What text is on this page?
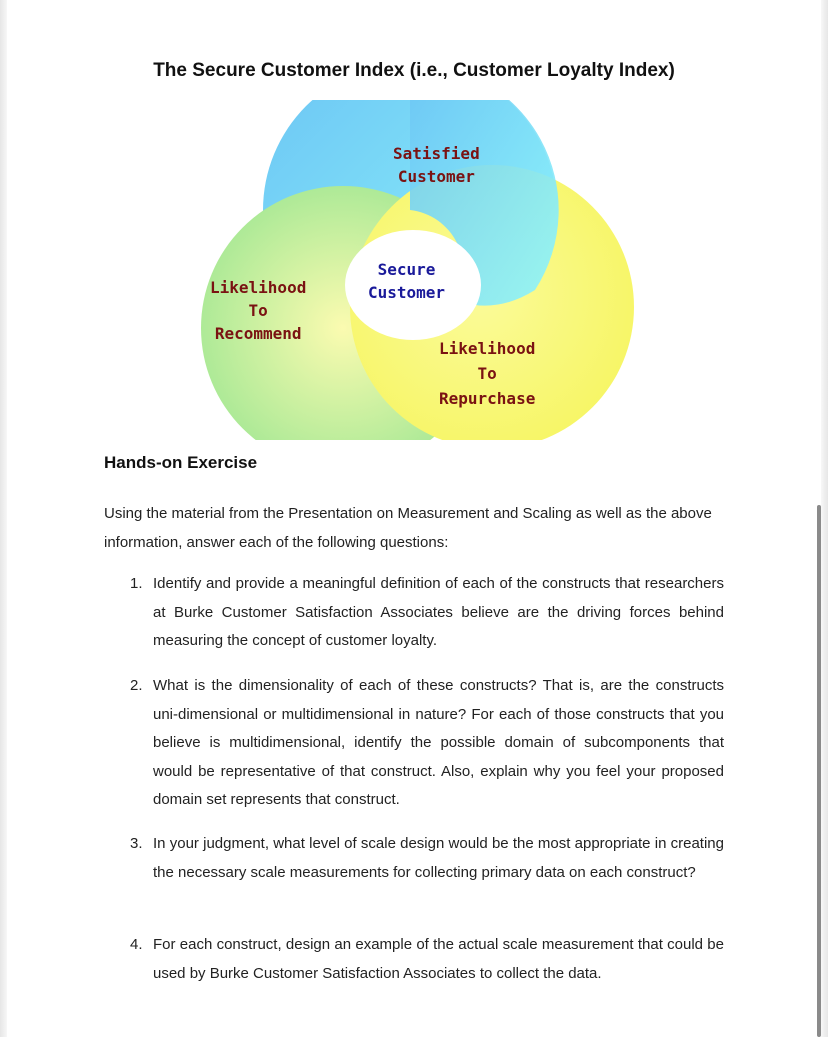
The Secure Customer Index (i.e., Customer Loyalty Index)
Satisfied
Customer
Likelihood
To
Recommend
Secure
Customer
Likelihood
To
Repurchase
Hands-on Exercise
Using the material from the Presentation on Measurement and Scaling as well as the above information, answer each of the following questions:
1. Identify and provide a meaningful definition of each of the constructs that researchers at Burke Customer Satisfaction Associates believe are the driving forces behind measuring the concept of customer loyalty.
2. What is the dimensionality of each of these constructs? That is, are the constructs uni-dimensional or multidimensional in nature? For each of those constructs that you believe is multidimensional, identify the possible domain of subcomponents that would be representative of that construct. Also, explain why you feel your proposed domain set represents that construct.
3. In your judgment, what level of scale design would be the most appropriate in creating the necessary scale measurements for collecting primary data on each construct?
4. For each construct, design an example of the actual scale measurement that could be used by Burke Customer Satisfaction Associates to collect the data.
